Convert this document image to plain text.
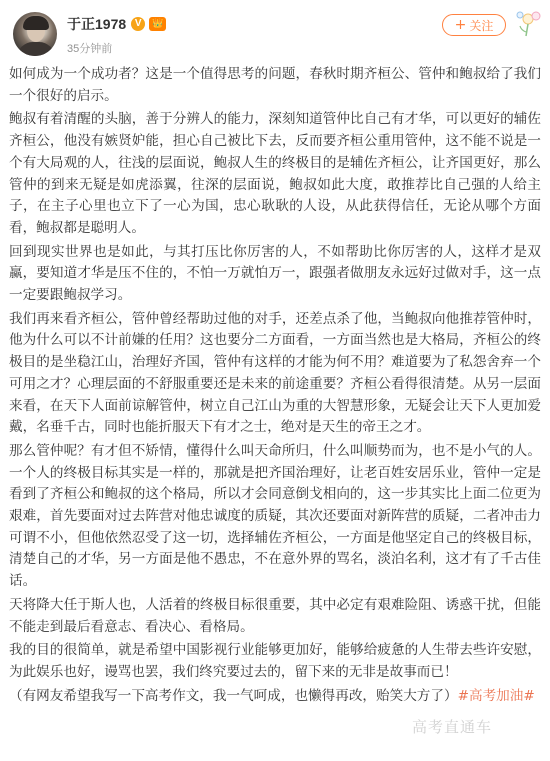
于正1978 V	👑
35分钟前
+ 关注

如何成为一个成功者？这是一个值得思考的问题，春秋时期齐桓公、管仲和鲍叔给了我们一个很好的启示。

鲍叔有着清醒的头脑，善于分辨人的能力，深刻知道管仲比自己有才华，可以更好的辅佐齐桓公，他没有嫉贤妒能，担心自己被比下去，反而要齐桓公重用管仲，这不能不说是一个有大局观的人，往浅的层面说，鲍叔人生的终极目的是辅佐齐桓公，让齐国更好，那么管仲的到来无疑是如虎添翼，往深的层面说，鲍叔如此大度，敢推荐比自己强的人给主子，在主子心里也立下了一心为国，忠心耿耿的人设，从此获得信任，无论从哪个方面看，鲍叔都是聪明人。

回到现实世界也是如此，与其打压比你厉害的人，不如帮助比你厉害的人，这样才是双赢，要知道才华是压不住的，不怕一万就怕万一，跟强者做朋友永远好过做对手，这一点一定要跟鲍叔学习。

我们再来看齐桓公，管仲曾经帮助过他的对手，还差点杀了他，当鲍叔向他推荐管仲时，他为什么可以不计前嫌的任用？这也要分二方面看，一方面当然也是大格局，齐桓公的终极目的是坐稳江山，治理好齐国，管仲有这样的才能为何不用？难道要为了私怨舍弃一个可用之才？心理层面的不舒服重要还是未来的前途重要？齐桓公看得很清楚。从另一层面来看，在天下人面前谅解管仲，树立自己江山为重的大智慧形象，无疑会让天下人更加爱戴，名垂千古，同时也能折服天下有才之士，绝对是天生的帝王之才。

那么管仲呢？有才但不矫情，懂得什么叫天命所归，什么叫顺势而为，也不是小气的人。一个人的终极目标其实是一样的，那就是把齐国治理好，让老百姓安居乐业，管仲一定是看到了齐桓公和鲍叔的这个格局，所以才会同意倒戈相向的，这一步其实比上面二位更为艰难，首先要面对过去阵营对他忠诚度的质疑，其次还要面对新阵营的质疑，二者冲击力可谓不小，但他依然忍受了这一切，选择辅佐齐桓公，一方面是他坚定自己的终极目标，清楚自己的才华，另一方面是他不愚忠，不在意外界的骂名，淡泊名利，这才有了千古佳话。

天将降大任于斯人也，人活着的终极目标很重要，其中必定有艰难险阻、诱惑干扰，但能不能走到最后看意志、看决心、看格局。

我的目的很简单，就是希望中国影视行业能够更加好，能够给疲惫的人生带去些许安慰，为此娱乐也好，谩骂也罢，我们终究要过去的，留下来的无非是故事而已！

（有网友希望我写一下高考作文，我一气呵成，也懒得再改，贻笑大方了）#高考加油#

高考直通车
